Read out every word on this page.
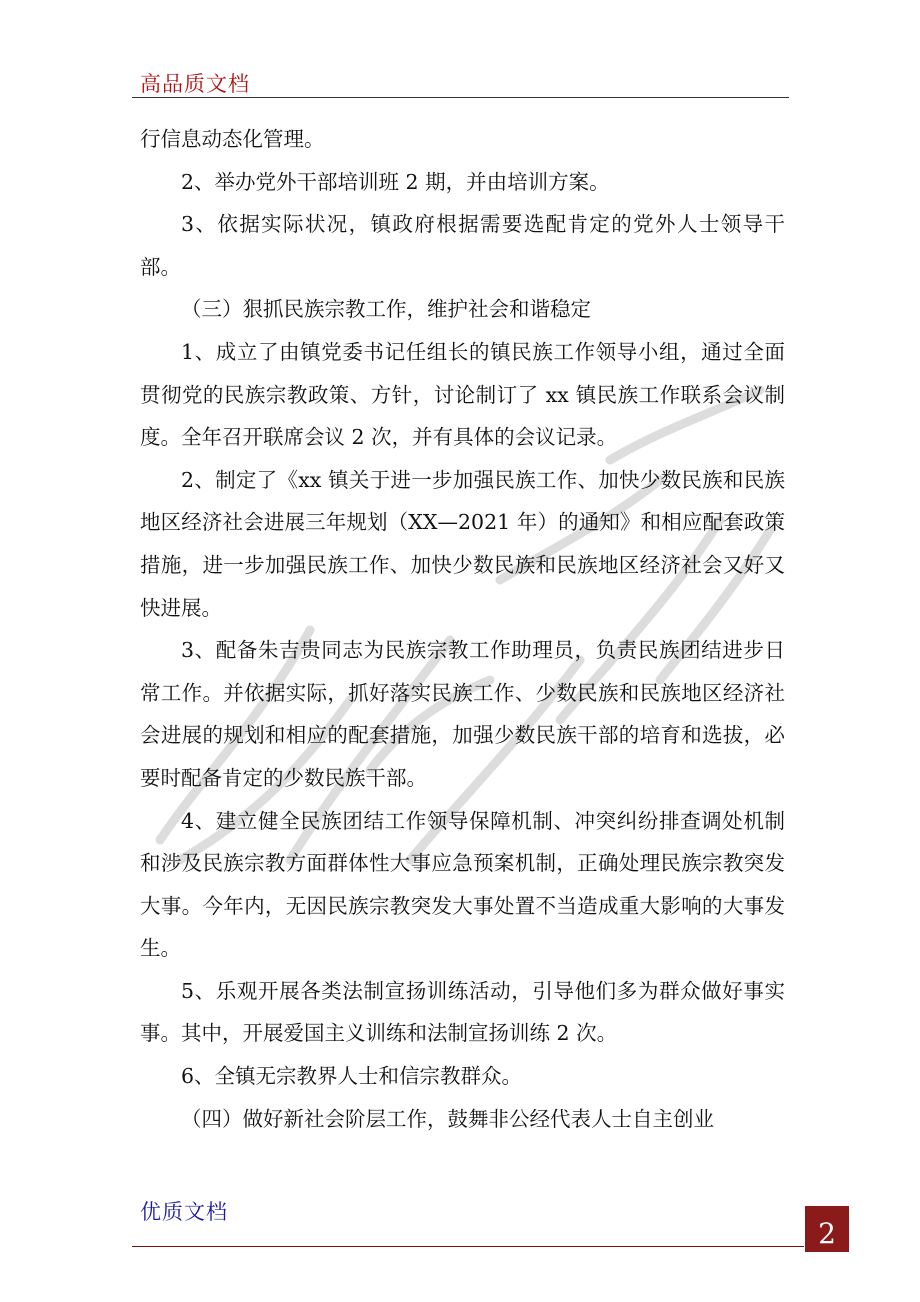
高品质文档

行信息动态化管理。

2、举办党外干部培训班 2 期，并由培训方案。

3、依据实际状况，镇政府根据需要选配肯定的党外人士领导干部。

（三）狠抓民族宗教工作，维护社会和谐稳定

1、成立了由镇党委书记任组长的镇民族工作领导小组，通过全面贯彻党的民族宗教政策、方针，讨论制订了 xx 镇民族工作联系会议制度。全年召开联席会议 2 次，并有具体的会议记录。

2、制定了《xx 镇关于进一步加强民族工作、加快少数民族和民族地区经济社会进展三年规划（XX—2021 年）的通知》和相应配套政策措施，进一步加强民族工作、加快少数民族和民族地区经济社会又好又快进展。

3、配备朱吉贵同志为民族宗教工作助理员，负责民族团结进步日常工作。并依据实际，抓好落实民族工作、少数民族和民族地区经济社会进展的规划和相应的配套措施，加强少数民族干部的培育和选拔，必要时配备肯定的少数民族干部。

4、建立健全民族团结工作领导保障机制、冲突纠纷排查调处机制和涉及民族宗教方面群体性大事应急预案机制，正确处理民族宗教突发大事。今年内，无因民族宗教突发大事处置不当造成重大影响的大事发生。

5、乐观开展各类法制宣扬训练活动，引导他们多为群众做好事实事。其中，开展爱国主义训练和法制宣扬训练 2 次。

6、全镇无宗教界人士和信宗教群众。

（四）做好新社会阶层工作，鼓舞非公经代表人士自主创业

优质文档
2
